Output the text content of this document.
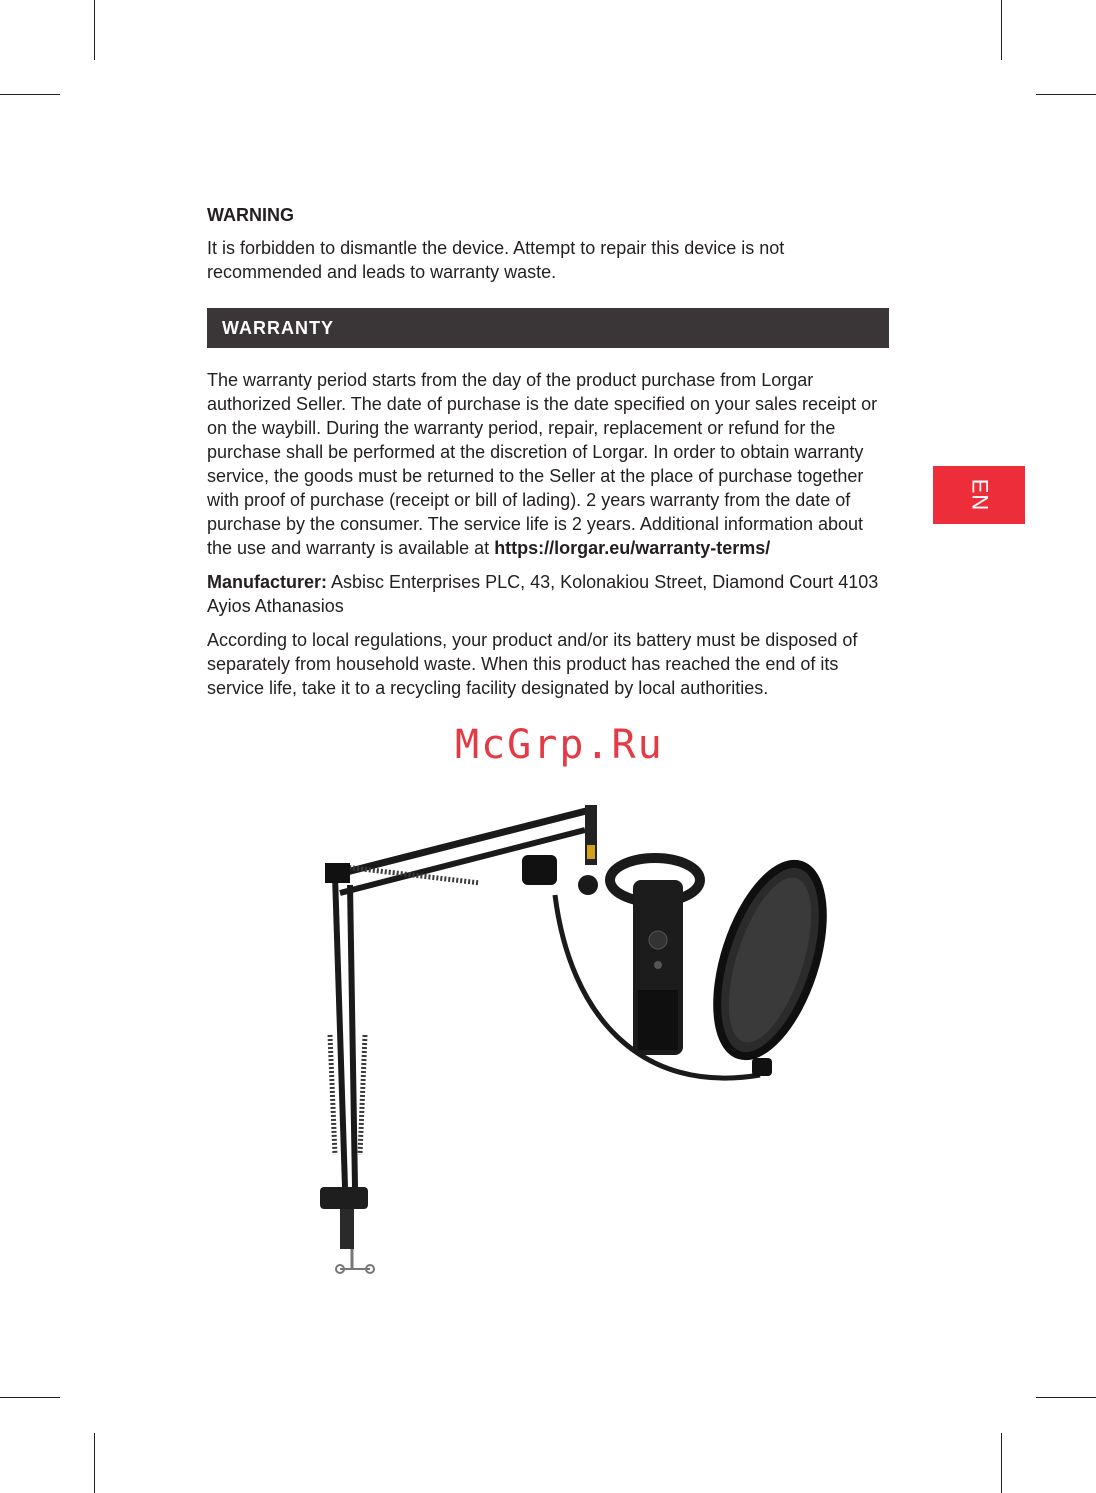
WARNING

It is forbidden to dismantle the device. Attempt to repair this device is not recommended and leads to warranty waste.

WARRANTY

The warranty period starts from the day of the product purchase from Lorgar authorized Seller. The date of purchase is the date specified on your sales receipt or on the waybill. During the warranty period, repair, replacement or refund for the purchase shall be performed at the discretion of Lorgar. In order to obtain warranty service, the goods must be returned to the Seller at the place of purchase together with proof of purchase (receipt or bill of lading). 2 years warranty from the date of purchase by the consumer. The service life is 2 years. Additional information about the use and warranty is available at https://lorgar.eu/warranty-terms/

Manufacturer: Asbisc Enterprises PLC, 43, Kolonakiou Street, Diamond Court 4103 Ayios Athanasios

According to local regulations, your product and/or its battery must be disposed of separately from household waste. When this product has reached the end of its service life, take it to a recycling facility designated by local authorities.

EN
McGrp.Ru
